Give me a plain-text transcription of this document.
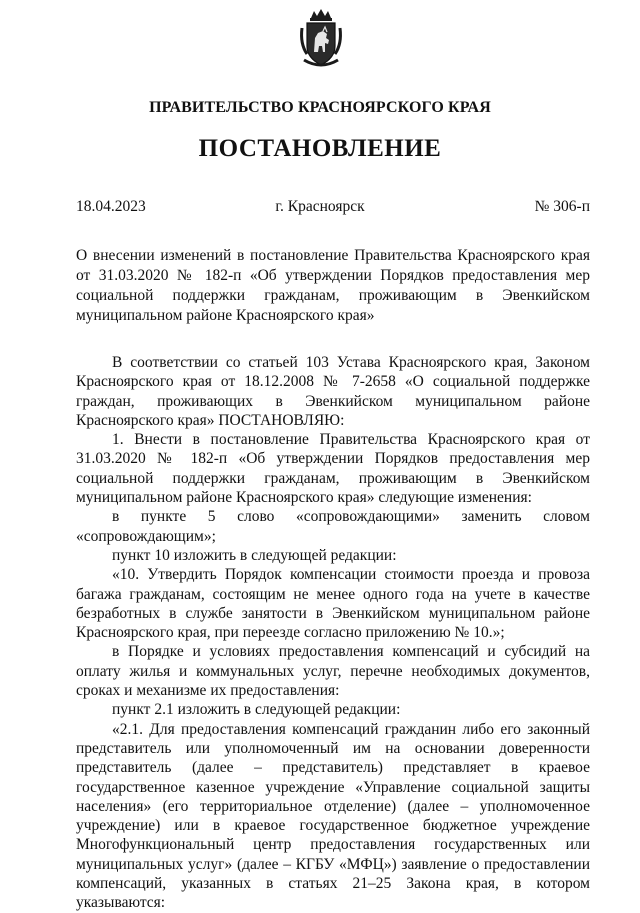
ПРАВИТЕЛЬСТВО КРАСНОЯРСКОГО КРАЯ
ПОСТАНОВЛЕНИЕ
18.04.2023	г. Красноярск	№ 306-п
О внесении изменений в постановление Правительства Красноярского края от 31.03.2020 № 182-п «Об утверждении Порядков предоставления мер социальной поддержки гражданам, проживающим в Эвенкийском муниципальном районе Красноярского края»

В соответствии со статьей 103 Устава Красноярского края, Законом Красноярского края от 18.12.2008 № 7-2658 «О социальной поддержке граждан, проживающих в Эвенкийском муниципальном районе Красноярского края» ПОСТАНОВЛЯЮ:

1. Внести в постановление Правительства Красноярского края от 31.03.2020 № 182-п «Об утверждении Порядков предоставления мер социальной поддержки гражданам, проживающим в Эвенкийском муниципальном районе Красноярского края» следующие изменения:

в пункте 5 слово «сопровождающими» заменить словом «сопровождающим»;

пункт 10 изложить в следующей редакции:

«10. Утвердить Порядок компенсации стоимости проезда и провоза багажа гражданам, состоящим не менее одного года на учете в качестве безработных в службе занятости в Эвенкийском муниципальном районе Красноярского края, при переезде согласно приложению № 10.»;

в Порядке и условиях предоставления компенсаций и субсидий на оплату жилья и коммунальных услуг, перечне необходимых документов, сроках и механизме их предоставления:

пункт 2.1 изложить в следующей редакции:

«2.1. Для предоставления компенсаций гражданин либо его законный представитель или уполномоченный им на основании доверенности представитель (далее – представитель) представляет в краевое государственное казенное учреждение «Управление социальной защиты населения» (его территориальное отделение) (далее – уполномоченное учреждение) или в краевое государственное бюджетное учреждение Многофункциональный центр предоставления государственных или муниципальных услуг» (далее – КГБУ «МФЦ») заявление о предоставлении компенсаций, указанных в статьях 21–25 Закона края, в котором указываются:
